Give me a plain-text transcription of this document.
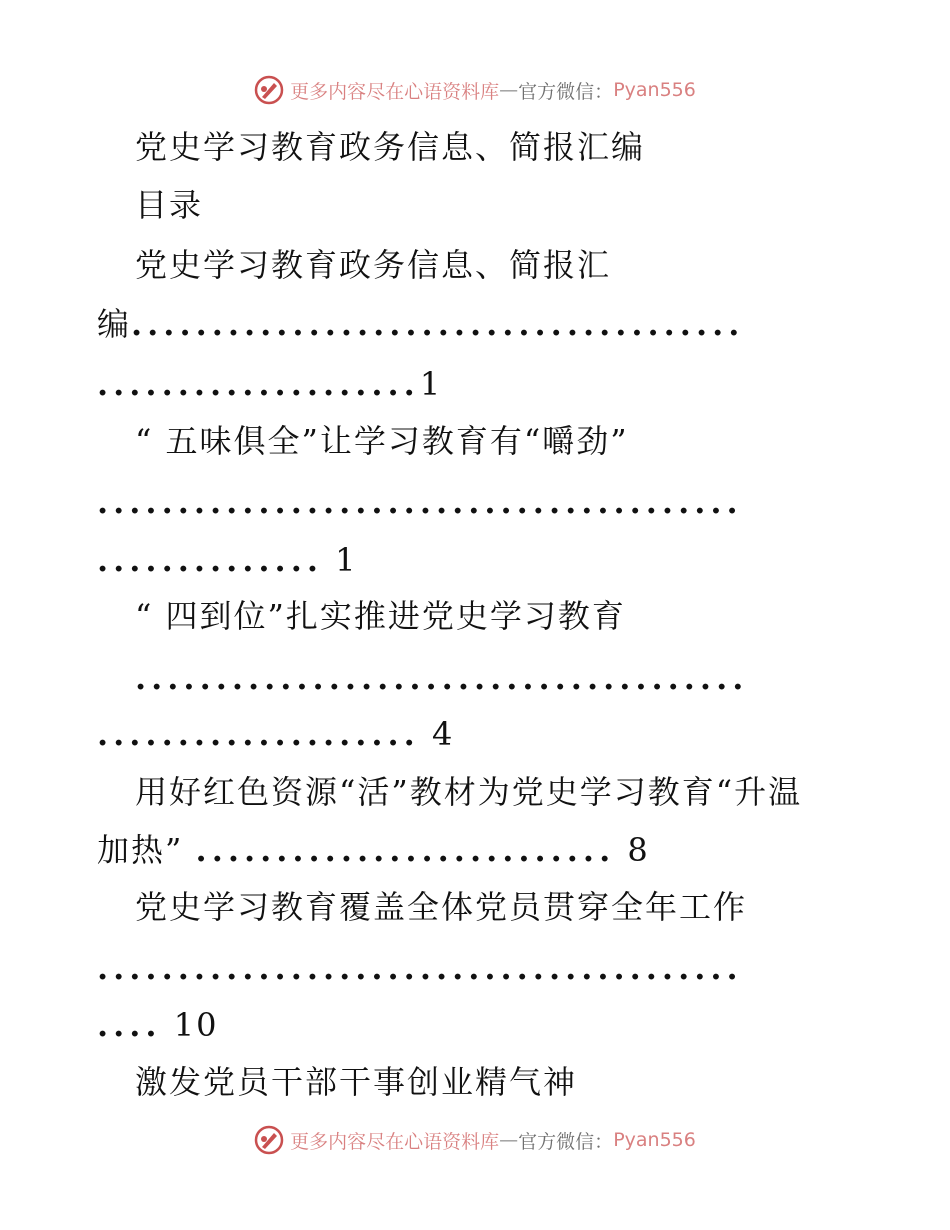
更多内容尽在心语资料库 — 官方微信： Pyan556
党史学习教育政务信息、简报汇编
目录
党史学习教育政务信息、简报汇
编......................................
....................1
“ 五味俱全”让学习教育有“嚼劲”
........................................
.............. 1
“ 四到位”扎实推进党史学习教育
......................................
.................... 4
用好红色资源“活”教材为党史学习教育“升温
加热” .......................... 8
党史学习教育覆盖全体党员贯穿全年工作
........................................
.... 10
激发党员干部干事创业精气神
更多内容尽在心语资料库 — 官方微信： Pyan556
